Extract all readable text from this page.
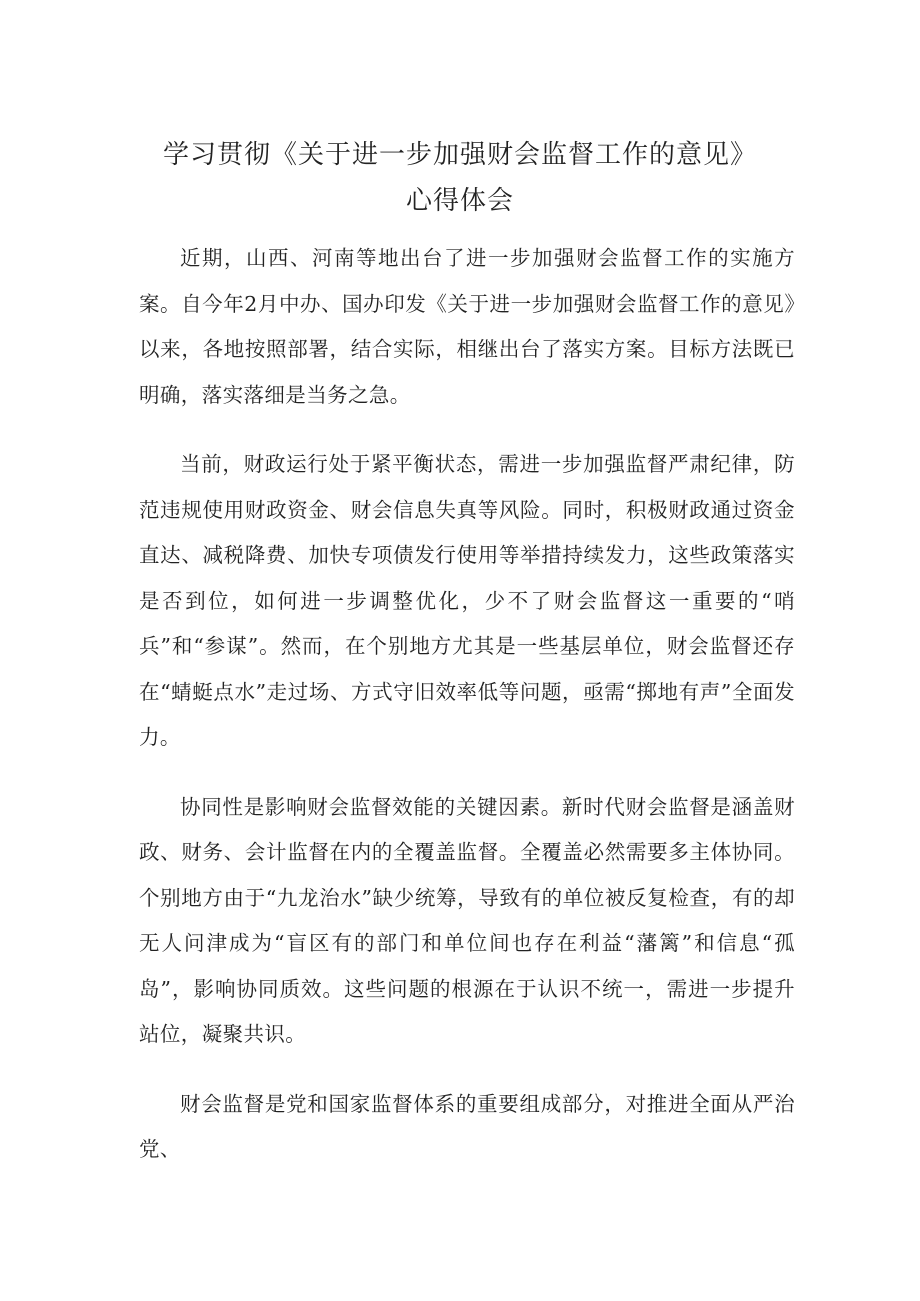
学习贯彻《关于进一步加强财会监督工作的意见》
心得体会

近期，山西、河南等地出台了进一步加强财会监督工作的实施方案。自今年2月中办、国办印发《关于进一步加强财会监督工作的意见》以来，各地按照部署，结合实际，相继出台了落实方案。目标方法既已明确，落实落细是当务之急。

当前，财政运行处于紧平衡状态，需进一步加强监督严肃纪律，防范违规使用财政资金、财会信息失真等风险。同时，积极财政通过资金直达、减税降费、加快专项债发行使用等举措持续发力，这些政策落实是否到位，如何进一步调整优化，少不了财会监督这一重要的“哨兵”和“参谋”。然而，在个别地方尤其是一些基层单位，财会监督还存在“蜻蜓点水”走过场、方式守旧效率低等问题，亟需“掷地有声”全面发力。

协同性是影响财会监督效能的关键因素。新时代财会监督是涵盖财政、财务、会计监督在内的全覆盖监督。全覆盖必然需要多主体协同。个别地方由于“九龙治水”缺少统筹，导致有的单位被反复检查，有的却无人问津成为“盲区有的部门和单位间也存在利益“藩篱”和信息“孤岛”，影响协同质效。这些问题的根源在于认识不统一，需进一步提升站位，凝聚共识。

财会监督是党和国家监督体系的重要组成部分，对推进全面从严治党、
